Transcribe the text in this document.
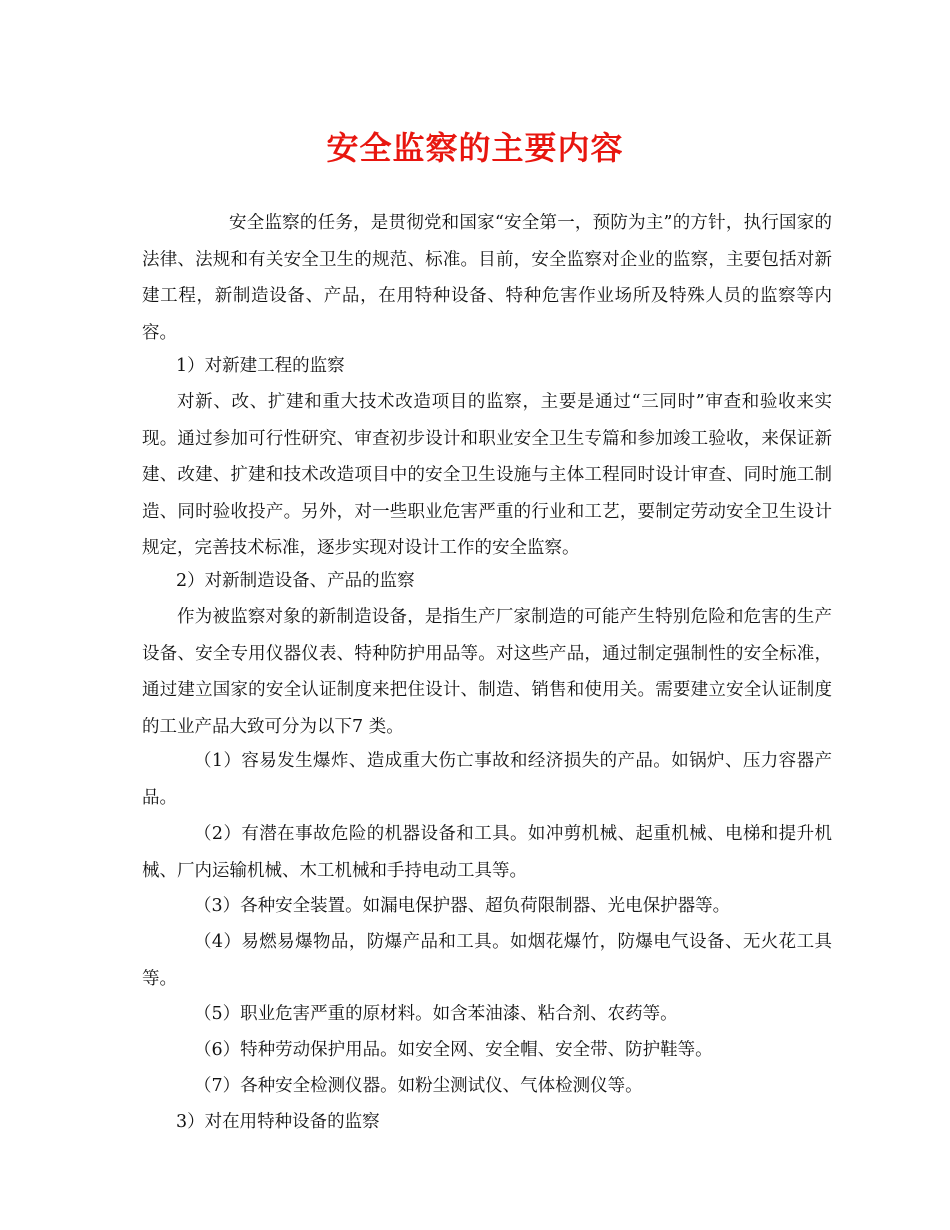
安全监察的主要内容

安全监察的任务，是贯彻党和国家“安全第一，预防为主”的方针，执行国家的法律、法规和有关安全卫生的规范、标准。目前，安全监察对企业的监察，主要包括对新建工程，新制造设备、产品，在用特种设备、特种危害作业场所及特殊人员的监察等内容。

1）对新建工程的监察

对新、改、扩建和重大技术改造项目的监察，主要是通过“三同时”审查和验收来实现。通过参加可行性研究、审查初步设计和职业安全卫生专篇和参加竣工验收，来保证新建、改建、扩建和技术改造项目中的安全卫生设施与主体工程同时设计审查、同时施工制造、同时验收投产。另外，对一些职业危害严重的行业和工艺，要制定劳动安全卫生设计规定，完善技术标准，逐步实现对设计工作的安全监察。

2）对新制造设备、产品的监察

作为被监察对象的新制造设备，是指生产厂家制造的可能产生特别危险和危害的生产设备、安全专用仪器仪表、特种防护用品等。对这些产品，通过制定强制性的安全标准，通过建立国家的安全认证制度来把住设计、制造、销售和使用关。需要建立安全认证制度的工业产品大致可分为以下7 类。

（1）容易发生爆炸、造成重大伤亡事故和经济损失的产品。如锅炉、压力容器产品。

（2）有潜在事故危险的机器设备和工具。如冲剪机械、起重机械、电梯和提升机械、厂内运输机械、木工机械和手持电动工具等。

（3）各种安全装置。如漏电保护器、超负荷限制器、光电保护器等。

（4）易燃易爆物品，防爆产品和工具。如烟花爆竹，防爆电气设备、无火花工具等。

（5）职业危害严重的原材料。如含苯油漆、粘合剂、农药等。

（6）特种劳动保护用品。如安全网、安全帽、安全带、防护鞋等。

（7）各种安全检测仪器。如粉尘测试仪、气体检测仪等。

3）对在用特种设备的监察
